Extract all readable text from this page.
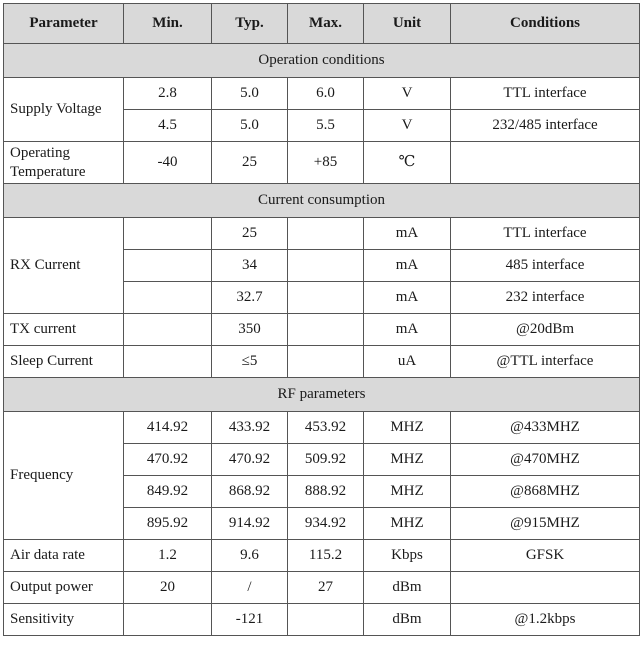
Parameter	Min.	Typ.	Max.	Unit	Conditions
Operation conditions					
Supply Voltage	2.8	5.0	6.0	V	TTL interface
	4.5	5.0	5.5	V	232/485 interface
Operating
Temperature	-40	25	+85	℃	
Current consumption					
RX Current		25		mA	TTL interface
		34		mA	485 interface
		32.7		mA	232 interface
TX current		350		mA	@20dBm
Sleep Current		≤5		uA	@TTL interface
RF parameters					
Frequency	414.92	433.92	453.92	MHZ	@433MHZ
	470.92	470.92	509.92	MHZ	@470MHZ
	849.92	868.92	888.92	MHZ	@868MHZ
	895.92	914.92	934.92	MHZ	@915MHZ
Air data rate	1.2	9.6	115.2	Kbps	GFSK
Output power	20	/	27	dBm	
Sensitivity		-121		dBm	@1.2kbps
